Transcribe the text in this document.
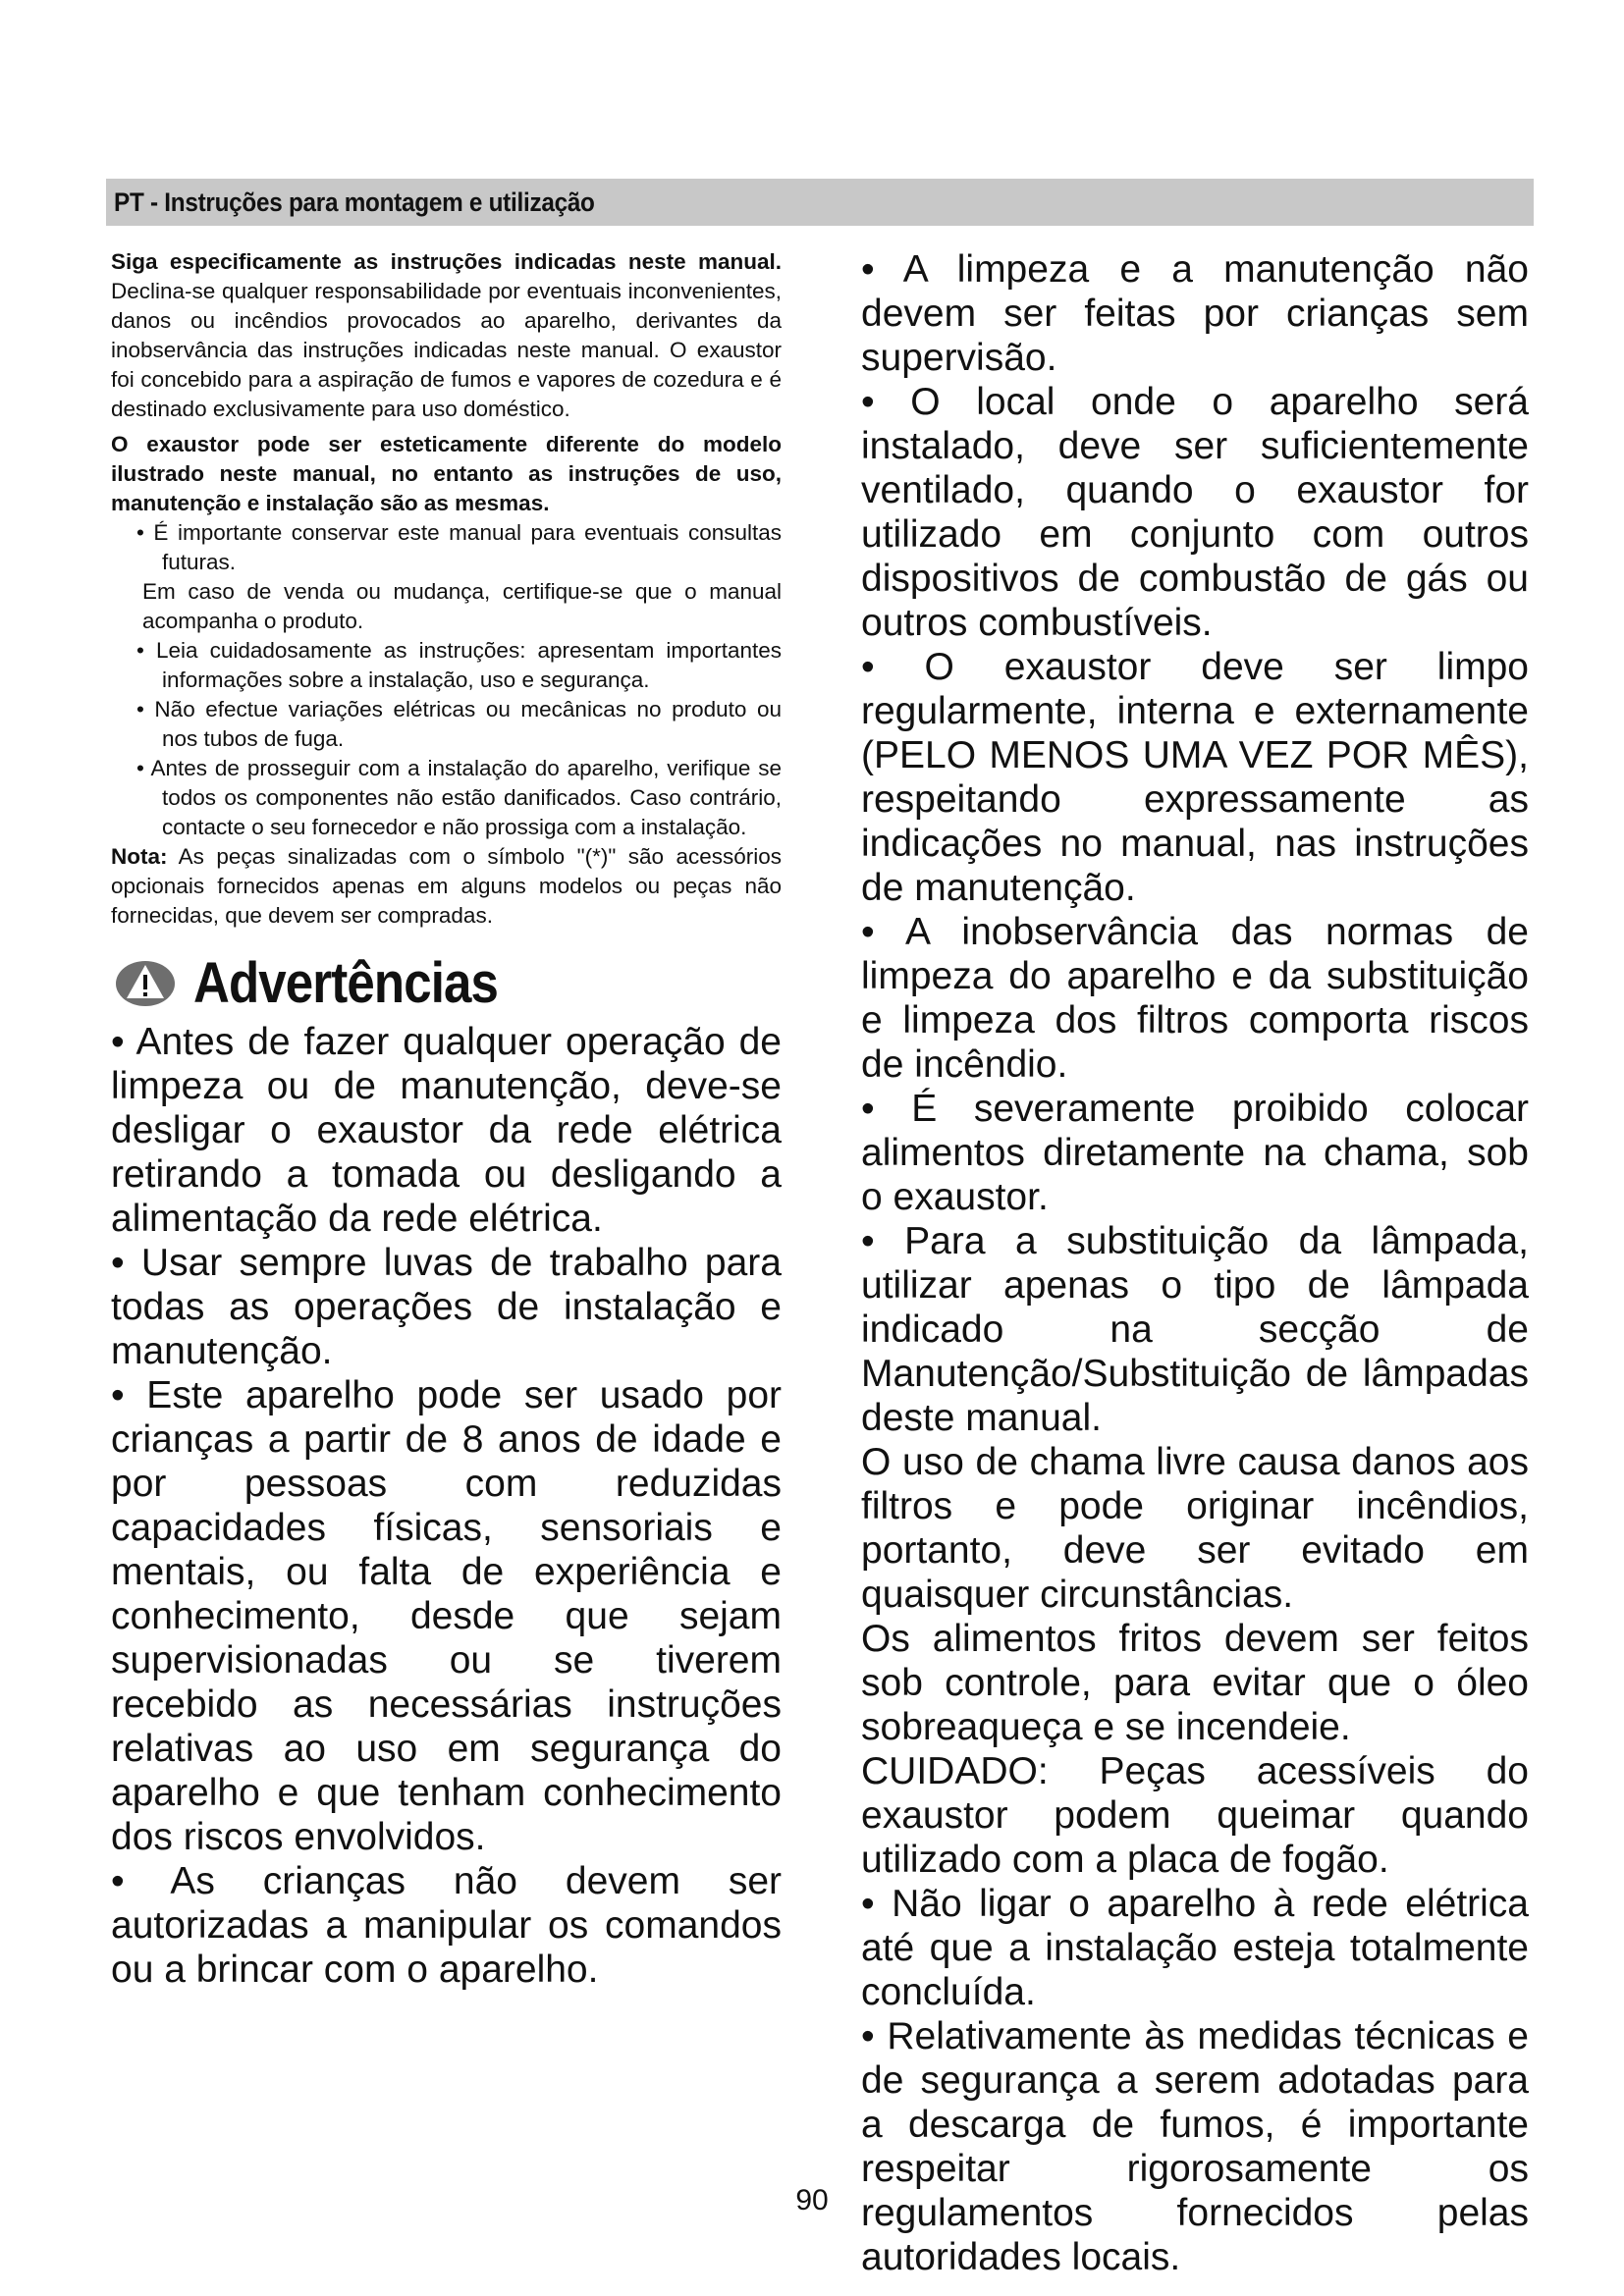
PT - Instruções para montagem e utilização

Siga especificamente as instruções indicadas neste manual. Declina-se qualquer responsabilidade por eventuais inconvenientes, danos ou incêndios provocados ao aparelho, derivantes da inobservância das instruções indicadas neste manual. O exaustor foi concebido para a aspiração de fumos e vapores de cozedura e é destinado exclusivamente para uso doméstico.

O exaustor pode ser esteticamente diferente do modelo ilustrado neste manual, no entanto as instruções de uso, manutenção e instalação são as mesmas.

• É importante conservar este manual para eventuais consultas futuras.

Em caso de venda ou mudança, certifique-se que o manual acompanha o produto.

• Leia cuidadosamente as instruções: apresentam importantes informações sobre a instalação, uso e segurança.

• Não efectue variações elétricas ou mecânicas no produto ou nos tubos de fuga.

• Antes de prosseguir com a instalação do aparelho, verifique se todos os componentes não estão danificados. Caso contrário, contacte o seu fornecedor e não prossiga com a instalação.

Nota: As peças sinalizadas com o símbolo "(*)" são acessórios opcionais fornecidos apenas em alguns modelos ou peças não fornecidas, que devem ser compradas.

Advertências

• Antes de fazer qualquer operação de limpeza ou de manutenção, deve-se desligar o exaustor da rede elétrica retirando a tomada ou desligando a alimentação da rede elétrica.

• Usar sempre luvas de trabalho para todas as operações de instalação e manutenção.

• Este aparelho pode ser usado por crianças a partir de 8 anos de idade e por pessoas com reduzidas capacidades físicas, sensoriais e mentais, ou falta de experiência e conhecimento, desde que sejam supervisionadas ou se tiverem recebido as necessárias instruções relativas ao uso em segurança do aparelho e que tenham conhecimento dos riscos envolvidos.

• As crianças não devem ser autorizadas a manipular os comandos ou a brincar com o aparelho.

• A limpeza e a manutenção não devem ser feitas por crianças sem supervisão.

• O local onde o aparelho será instalado, deve ser suficientemente ventilado, quando o exaustor for utilizado em conjunto com outros dispositivos de combustão de gás ou outros combustíveis.

• O exaustor deve ser limpo regularmente, interna e externamente (PELO MENOS UMA VEZ POR MÊS), respeitando expressamente as indicações no manual, nas instruções de manutenção.

• A inobservância das normas de limpeza do aparelho e da substituição e limpeza dos filtros comporta riscos de incêndio.

• É severamente proibido colocar alimentos diretamente na chama, sob o exaustor.

• Para a substituição da lâmpada, utilizar apenas o tipo de lâmpada indicado na secção de Manutenção/Substituição de lâmpadas deste manual.

O uso de chama livre causa danos aos filtros e pode originar incêndios, portanto, deve ser evitado em quaisquer circunstâncias.

Os alimentos fritos devem ser feitos sob controle, para evitar que o óleo sobreaqueça e se incendeie.

CUIDADO: Peças acessíveis do exaustor podem queimar quando utilizado com a placa de fogão.

• Não ligar o aparelho à rede elétrica até que a instalação esteja totalmente concluída.

• Relativamente às medidas técnicas e de segurança a serem adotadas para a descarga de fumos, é importante respeitar rigorosamente os regulamentos fornecidos pelas autoridades locais.

90
